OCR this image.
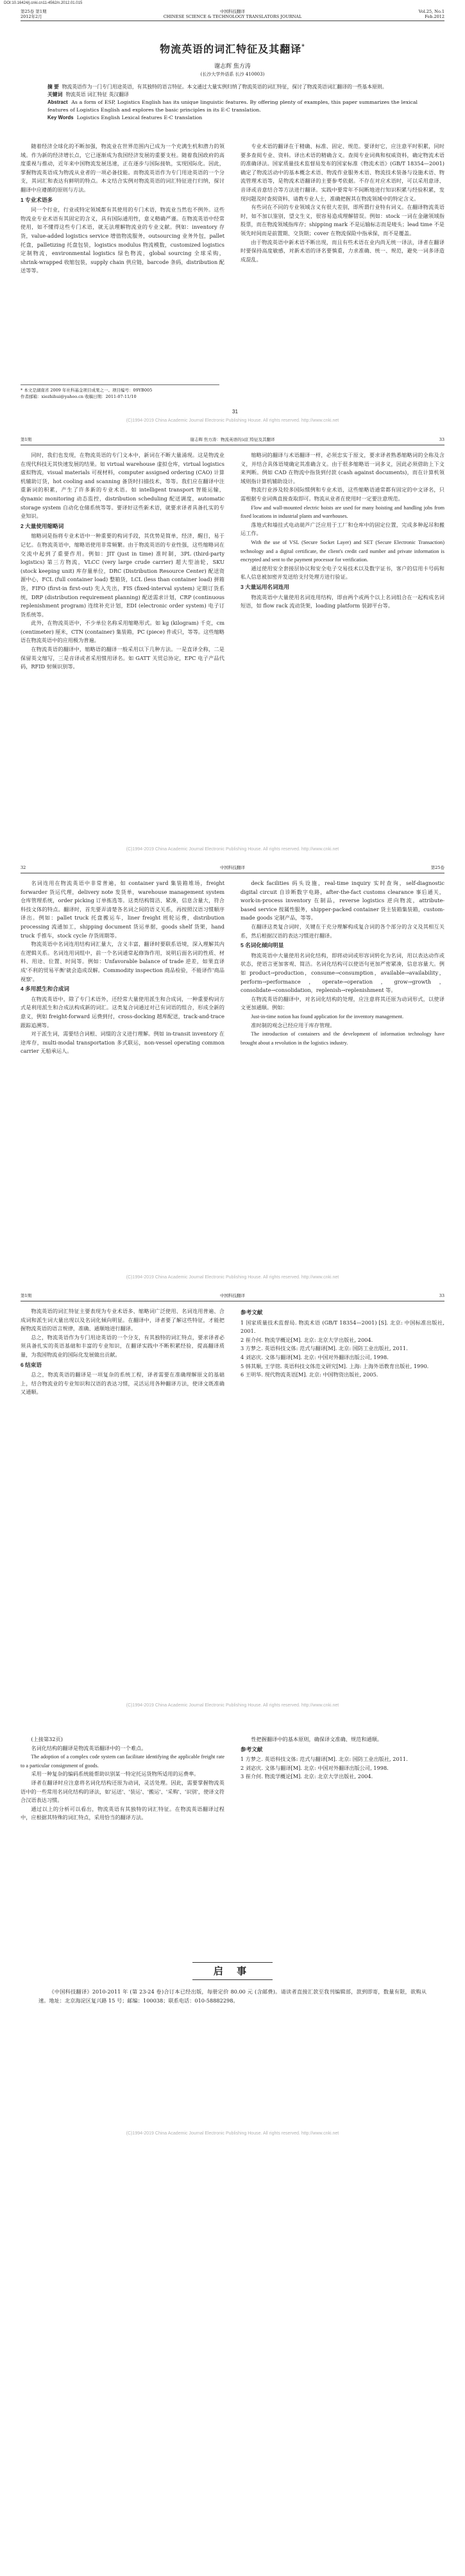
DOI:10.16424/j.cnki.cn11-4562/n.2012.01.015
第25卷 第1期
2012年2月
中国科技翻译
CHINESE SCIENCE & TECHNOLOGY TRANSLATORS JOURNAL
Vol.25, No.1
Feb.2012
物流英语的词汇特征及其翻译*
谢志辉 焦方涛
(长沙大学外语系 长沙 410003)
摘 要 物流英语作为一门专门用途英语，有其独特的语言特征。本文通过大量实例归纳了物流英语的词汇特征，探讨了物流英语词汇翻译的一些基本原则。
关键词 物流英语 词汇特征 英汉翻译
Abstract As a form of ESP, Logistics English has its unique linguistic features. By offering plenty of examples, this paper summarizes the lexical features of Logistics English and explores the basic principles in its E-C translation.
Key Words Logistics English Lexical features E-C translation

随着经济全球化的不断加强，物流业在世界范围内已成为一个充满生机和潜力的领域。作为新的经济增长点，它已逐渐成为我国经济发展的重要支柱。随着我国政府的高度重视与推动，近年来中国物流发展迅速，正在逐步与国际接轨，实现国际化。因此，掌握物流英语成为物流从业者的一项必备技能。而物流英语作为专门用途英语的一个分支，其词汇和表达有鲜明的特点。本文结合实例对物流英语的词汇特征进行归纳，探讨翻译中应遵循的原则与方法。

1 专业术语多

同一个行业，行业或特定领域都有其使用的专门术语，物流业当然也不例外。这些物流业专业术语有其固定的含义，具有国际通用性，意义精确严谨。在物流英语中经常使用，如不懂得这些专门术语，就无法理解物流业的专业文献。例如：inventory 存货，value-added logistics service 增值物流服务，outsourcing 业务外包，pallet 托盘，palletizing 托盘包装，logistics modulus 物流模数，customized logistics 定制物流，environmental logistics 绿色物流，global sourcing 全球采购，shrink-wrapped 收缩包装，supply chain 供应链，barcode 条码，distribution 配送等等。

专业术语的翻译在于精确、标准、固定、规范。要译好它，应注意平时积累，同时要多查阅专业、资料。译出术语的精确含义。查阅专业词典和权威资料，确定物流术语的准确译法。国家质量技术监督局发布的国家标准《物流术语》(GB/T 18354—2001) 确定了物流活动中的基本概念术语、物流作业服务术语、物流技术装备与设施术语、物流管理术语等，是物流术语翻译的主要参考依据。不存在对应术语时，可以采用意译、音译或音意结合等方法进行翻译。实践中要常年不间断地进行知识积累与经验积累，发现问题及时查阅资料、请教专业人士，准确把握其在物流领域中的特定含义。

有些词在不同的专业领域含义有很大差别，即所谓行业特有词义。在翻译物流英语时，如不加以鉴别，望文生义，很容易造成理解错误。例如：stock 一词在金融领域指股票，而在物流领域指库存；shipping mark 不是运输标志而是唛头；lead time 不是领先时间而是前置期、交货期；cover 在物流保险中指承保，而不是覆盖。

由于物流英语中新术语不断出现，而且有些术语在业内尚无统一译法，译者在翻译时要保持高度敏感，对新术语的译名要慎重，力求准确、统一、规范，避免一词多译造成混乱。

* 本文是湖南省 2009 年社科基金项目成果之一。项目编号：09YB005
作者邮箱：xiezhihui@yahoo.cn 收稿日期：2011-07-11/10
31
(C)1994-2019 China Academic Journal Electronic Publishing House. All rights reserved. http://www.cnki.net
第1期	谢志辉 焦方涛：物流英语的词汇特征及其翻译	33

同时，我们也发现，在物流英语的专门文本中，新词在不断大量涌现。这是物流业在现代科技无其快速发展的结果。如 virtual warehouse 虚拟仓库，virtual logistics 虚拟物流，visual materials 可视材料，computer assigned ordering (CAO) 计算机辅助订货，hot cooling and scanning 备货时扫描技术，等等。我们应在翻译中注重新词的积累，产生了许多新的专业术语。如 intelligent transport 智能运输，dynamic monitoring 动态监控，distribution scheduling 配送调度，automatic storage system 自动化仓储系统等等。要译好这些新术语，就要求译者具备扎实的专业知识。

2 大量使用缩略词

缩略词是指将专业术语中一种重要的构词手段，其优势是简单，经济，醒目，易于记忆。在物流英语中，缩略语使用非常频繁。由于物流英语的专业性强，这些缩略词在交流中起到了重要作用。例如：JIT (just in time) 准时制，3PL (third-party logistics) 第三方物流，VLCC (very large crude carrier) 超大型油轮，SKU (stock keeping unit) 库存量单位，DRC (Distribution Resource Center) 配送资源中心，FCL (full container load) 整箱货，LCL (less than container load) 拼箱货，FIFO (first-in first-out) 先入先出，FIS (fixed-interval system) 定期订货系统，DRP (distribution requirement planning) 配送需求计划，CRP (continuous replenishment program) 连续补充计划，EDI (electronic order system) 电子订货系统等。

此外，在物流英语中，不少单位名称采用缩略形式。如 kg (kilogram) 千克，cm (centimeter) 厘米，CTN (container) 集装箱，PC (piece) 件或只，等等。这些缩略语在物流英语中的应用极为普遍。

在物流英语的翻译中，缩略语的翻译一般采用以下几种方法。一是直译全称，二是保留英文缩写，三是音译或者采用惯用译名。如 GATT 关贸总协定，EPC 电子产品代码，RFID 射频识别等。

缩略词的翻译与术语翻译一样，必须忠实于原文，要求译者熟悉缩略词的全称及含义，并结合具体语境确定其准确含义。由于很多缩略语一词多义，因此必须借助上下文来判断。例如 CAD 在物流中指货到付款 (cash against documents)，而在计算机领域则指计算机辅助设计。

物流行业涉及较多国际惯例和专业术语，这些缩略语通常都有固定的中文译名，只需根据专业词典直接查取即可。物流从业者在使用时一定要注意规范。

Flow and wall-mounted electric hoists are used for many hoisting and handling jobs from fixed locations in industrial plants and warehouses.

落地式和墙挂式电动葫芦广泛应用于工厂和仓库中的固定位置，完成多种起吊和搬运工作。

With the use of VSL (Secure Socket Layer) and SET (Secure Electronic Transaction) technology and a digital certificate, the client's credit card number and private information is encrypted and sent to the payment processor for verification.

通过使用安全套接层协议和安全电子交易技术以及数字证书，客户的信用卡号码和私人信息被加密并发送给支付处理方进行验证。

3 大量运用名词连用

物流英语中大量使用名词连用结构，即由两个或两个以上名词组合在一起构成名词短语，如 flow rack 流动货架，loading platform 装卸平台等。

(C)1994-2019 China Academic Journal Electronic Publishing House. All rights reserved. http://www.cnki.net
32	中国科技翻译	第25卷

名词连用在物流英语中非常普遍，如 container yard 集装箱堆场，freight forwarder 货运代理，delivery note 发货单，warehouse management system 仓库管理系统，order picking 订单拣选等。这类结构简洁、紧凑，信息含量大，符合科技文体的特点。翻译时，首先要弄清楚各名词之间的语义关系，再按照汉语习惯顺序译出。例如：pallet truck 托盘搬运车，liner freight 班轮运费，distribution processing 流通加工，shipping document 货运单据，goods shelf 货架，hand truck 手推车，stock cycle 存货周期等。

物流英语中名词连用结构词汇量大，含义丰富，翻译时要联系语境，深入理解其内在逻辑关系。名词连用词组中，前一个名词通常起修饰作用，说明后面名词的性质、材料、用途、位置、时间等。例如：Unfavorable balance of trade 逆差，如果直译成'不利的贸易平衡'就会造成误解。Commodity inspection 商品检验，不能译作'商品视察'。

4 多用派生和合成词

在物流英语中，除了专门术语外，还经常大量使用派生和合成词，一种重要构词方式是利用派生和合成法构成新的词汇。这类复合词通过对已有词语的组合，形成全新的意义，例如 freight-forward 运费到付，cross-docking 越库配送，track-and-trace 跟踪追溯等。

对于派生词，需要结合词根、词缀的含义进行理解。例如 in-transit inventory 在途库存，multi-modal transportation 多式联运，non-vessel operating common carrier 无船承运人。

deck facilities 码头设施，real-time inquiry 实时查询，self-diagnostic digital circuit 自诊断数字电路，after-the-fact customs clearance 事后通关，work-in-process inventory 在制品，reverse logistics 逆向物流，attribute-based service 按属性服务，shipper-packed container 货主装箱集装箱，custom-made goods 定制产品，等等。

在翻译这类复合词时，关键在于充分理解构成复合词的各个部分的含义及其相互关系，然后根据汉语的表达习惯进行翻译。

5 名词化倾向明显

物流英语中大量使用名词化结构，即将动词或形容词转化为名词，用以表达动作或状态，使语言更加客观、简洁。名词化结构可以使语句更加严密紧凑，信息容量大。例如 product→production，consume→consumption，available→availability，perform→performance，operate→operation，grow→growth，consolidate→consolidation，replenish→replenishment 等。

在物流英语的翻译中，对名词化结构的处理，应注意将其还原为动词形式，以使译文更加通顺。例如：

Just-in-time notion has found application for the inventory management.

准时制的观念已经应用于库存管理。

The introduction of containers and the development of information technology have brought about a revolution in the logistics industry.

(C)1994-2019 China Academic Journal Electronic Publishing House. All rights reserved. http://www.cnki.net
第1期	中国科技翻译	33

物流英语的词汇特征主要表现为专业术语多、缩略词广泛使用、名词连用普遍、合成词和派生词大量出现以及名词化倾向明显。在翻译中，译者要了解这些特征，才能把握物流英语的语言规律，准确、通顺地进行翻译。

总之，物流英语作为专门用途英语的一个分支，有其独特的词汇特点，要求译者必须具备扎实的英语基础和丰富的专业知识，在翻译实践中不断积累经验，提高翻译质量，为我国物流业的国际化发展做出贡献。

6 结束语

总之，物流英语的翻译是一项复杂的系统工程，译者需要在准确理解原文的基础上，结合物流业的专业知识和汉语的表达习惯，灵活运用各种翻译方法，使译文既准确又通顺。

参考文献
1 国家质量技术监督局. 物流术语 (GB/T 18354—2001) [S]. 北京: 中国标准出版社, 2001.
2 崔介何. 物流学概论[M]. 北京: 北京大学出版社, 2004.
3 方梦之. 英语科技文体: 范式与翻译[M]. 北京: 国防工业出版社, 2011.
4 刘宓庆. 文体与翻译[M]. 北京: 中国对外翻译出版公司, 1998.
5 韩其顺, 王学铭. 英语科技文体范文研究[M]. 上海: 上海外语教育出版社, 1990.
6 王明华. 现代物流英语[M]. 北京: 中国物资出版社, 2005.
(C)1994-2019 China Academic Journal Electronic Publishing House. All rights reserved. http://www.cnki.net

(上接第32页)

名词化结构的翻译是物流英语翻译中的一个难点。

The adoption of a complex code system can facilitate identifying the applicable freight rate to a particular consignment of goods.

采用一种复杂的编码系统能帮助识别某一特定托运货物所适用的运费率。

译者在翻译时应注意将名词化结构还原为动词，灵活处理。因此，需要掌握物流英语中的一些常用名词化结构的译法，如'运送'、'装运'、'搬运'、'采购'、'识别'，使译文符合汉语表达习惯。

通过以上的分析可以看出，物流英语有其独特的词汇特征。在物流英语翻译过程中，应根据其特殊的词汇特点，采用恰当的翻译方法。

性把握翻译中的基本原则，确保译文准确、规范和通顺。

参考文献
1 方梦之. 英语科技文体: 范式与翻译[M]. 北京: 国防工业出版社, 2011.
2 刘宓庆. 文体与翻译[M]. 北京: 中国对外翻译出版公司, 1998.
3 崔介何. 物流学概论[M]. 北京: 北京大学出版社, 2004.
启 事

《中国科技翻译》2010-2011 年 (第 23-24 卷)合订本已经出版，每册定价 80.00 元 (含邮费)。请读者直接汇款至我刊编辑部，款到即寄，数量有限，欲购从速。地址：北京海淀区复兴路 15 号；邮编：100038；联系电话：010-58882298。

(C)1994-2019 China Academic Journal Electronic Publishing House. All rights reserved. http://www.cnki.net
